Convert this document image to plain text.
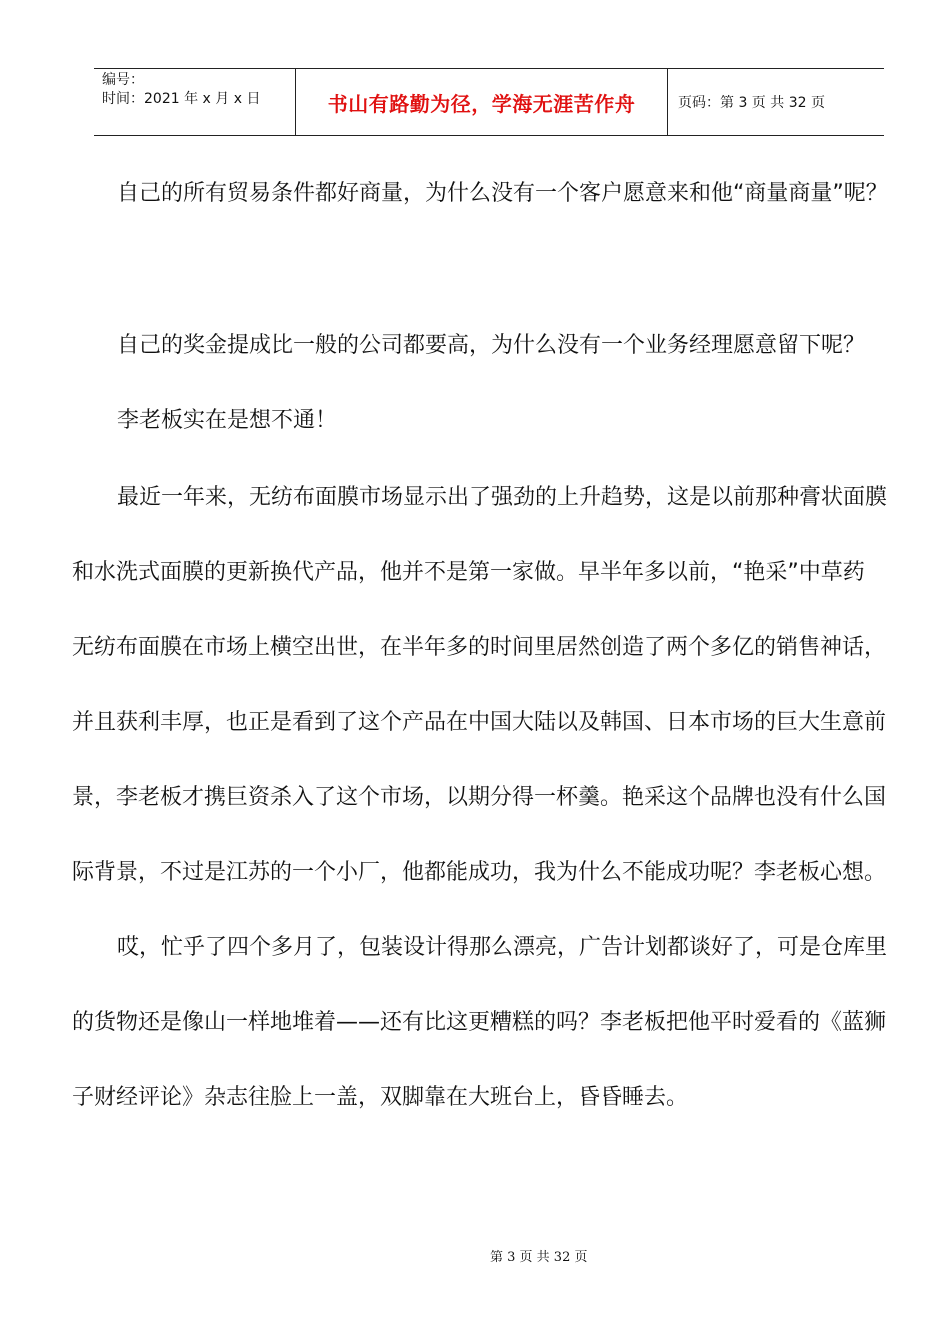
编号：
时间：2021 年 x 月 x 日	书山有路勤为径，学海无涯苦作舟	页码：第 3 页 共 32 页
自己的所有贸易条件都好商量，为什么没有一个客户愿意来和他“商量商量”呢？
自己的奖金提成比一般的公司都要高，为什么没有一个业务经理愿意留下呢？
李老板实在是想不通！
最近一年来，无纺布面膜市场显示出了强劲的上升趋势，这是以前那种膏状面膜
和水洗式面膜的更新换代产品，他并不是第一家做。早半年多以前，“艳采”中草药
无纺布面膜在市场上横空出世，在半年多的时间里居然创造了两个多亿的销售神话，
并且获利丰厚，也正是看到了这个产品在中国大陆以及韩国、日本市场的巨大生意前
景，李老板才携巨资杀入了这个市场，以期分得一杯羹。艳采这个品牌也没有什么国
际背景，不过是江苏的一个小厂，他都能成功，我为什么不能成功呢？李老板心想。
哎，忙乎了四个多月了，包装设计得那么漂亮，广告计划都谈好了，可是仓库里
的货物还是像山一样地堆着——还有比这更糟糕的吗？李老板把他平时爱看的《蓝狮
子财经评论》杂志往脸上一盖，双脚靠在大班台上，昏昏睡去。
第 3 页 共 32 页
